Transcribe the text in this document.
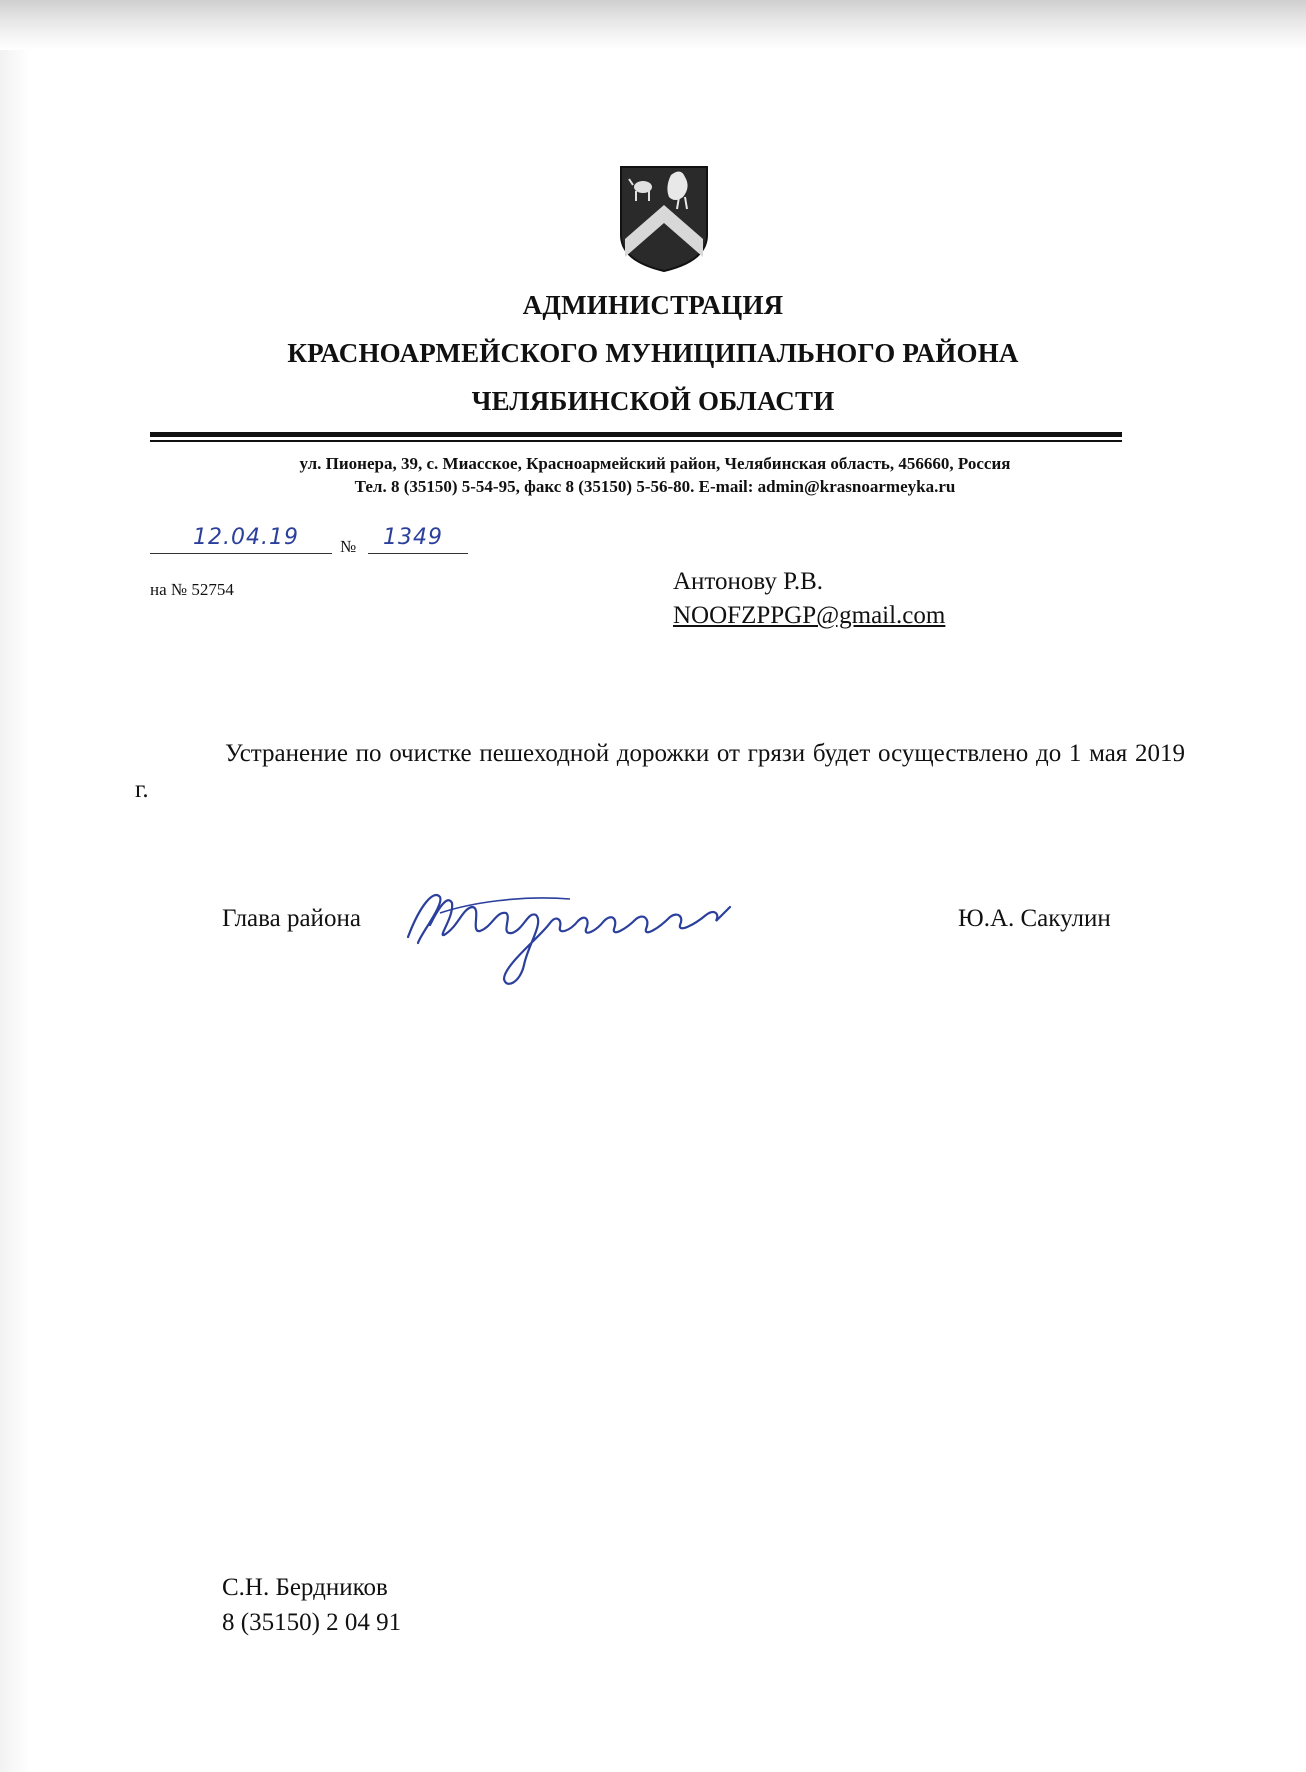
АДМИНИСТРАЦИЯ
КРАСНОАРМЕЙСКОГО МУНИЦИПАЛЬНОГО РАЙОНА
ЧЕЛЯБИНСКОЙ ОБЛАСТИ
ул. Пионера, 39, с. Миасское, Красноармейский район, Челябинская область, 456660, Россия
Тел. 8 (35150) 5-54-95, факс 8 (35150) 5-56-80. E-mail: admin@krasnoarmeyka.ru
12.04.19 № 1349
на № 52754	Антонову Р.В.
NOOFZPPGP@gmail.com
Устранение по очистке пешеходной дорожки от грязи будет осуществлено до 1 мая 2019 г.
Глава района	Ю.А. Сакулин
С.Н. Бердников
8 (35150) 2 04 91
